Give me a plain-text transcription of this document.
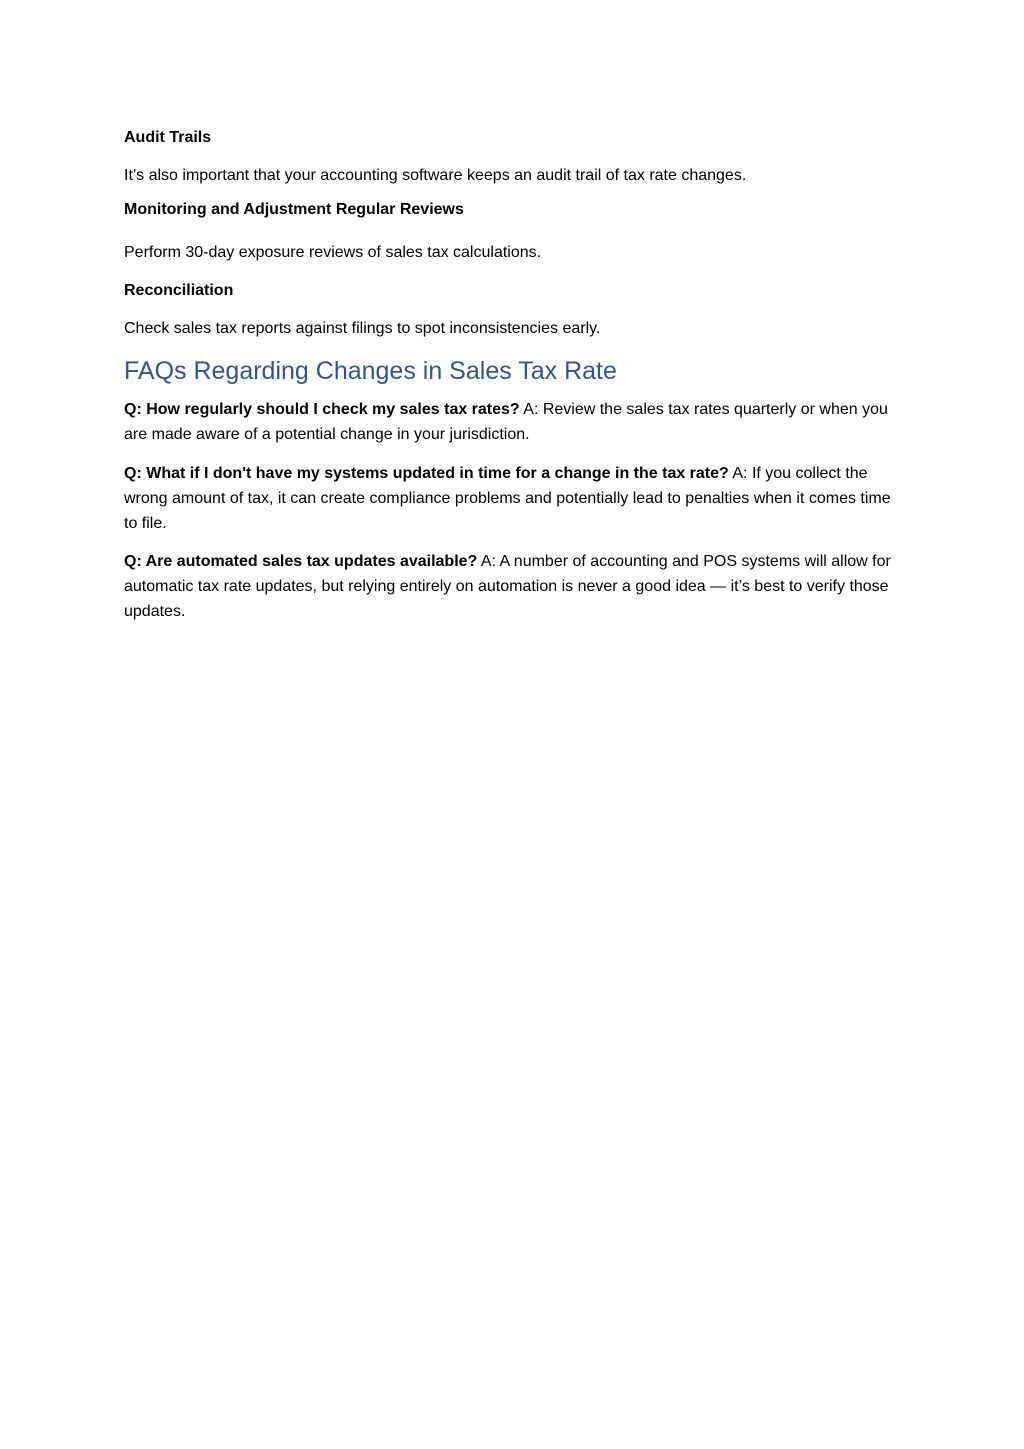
Audit Trails

It’s also important that your accounting software keeps an audit trail of tax rate changes.

Monitoring and Adjustment Regular Reviews

Perform 30-day exposure reviews of sales tax calculations.

Reconciliation

Check sales tax reports against filings to spot inconsistencies early.

FAQs Regarding Changes in Sales Tax Rate

Q: How regularly should I check my sales tax rates? A: Review the sales tax rates quarterly or when you are made aware of a potential change in your jurisdiction.

Q: What if I don't have my systems updated in time for a change in the tax rate? A: If you collect the wrong amount of tax, it can create compliance problems and potentially lead to penalties when it comes time to file.

Q: Are automated sales tax updates available? A: A number of accounting and POS systems will allow for automatic tax rate updates, but relying entirely on automation is never a good idea — it’s best to verify those updates.
